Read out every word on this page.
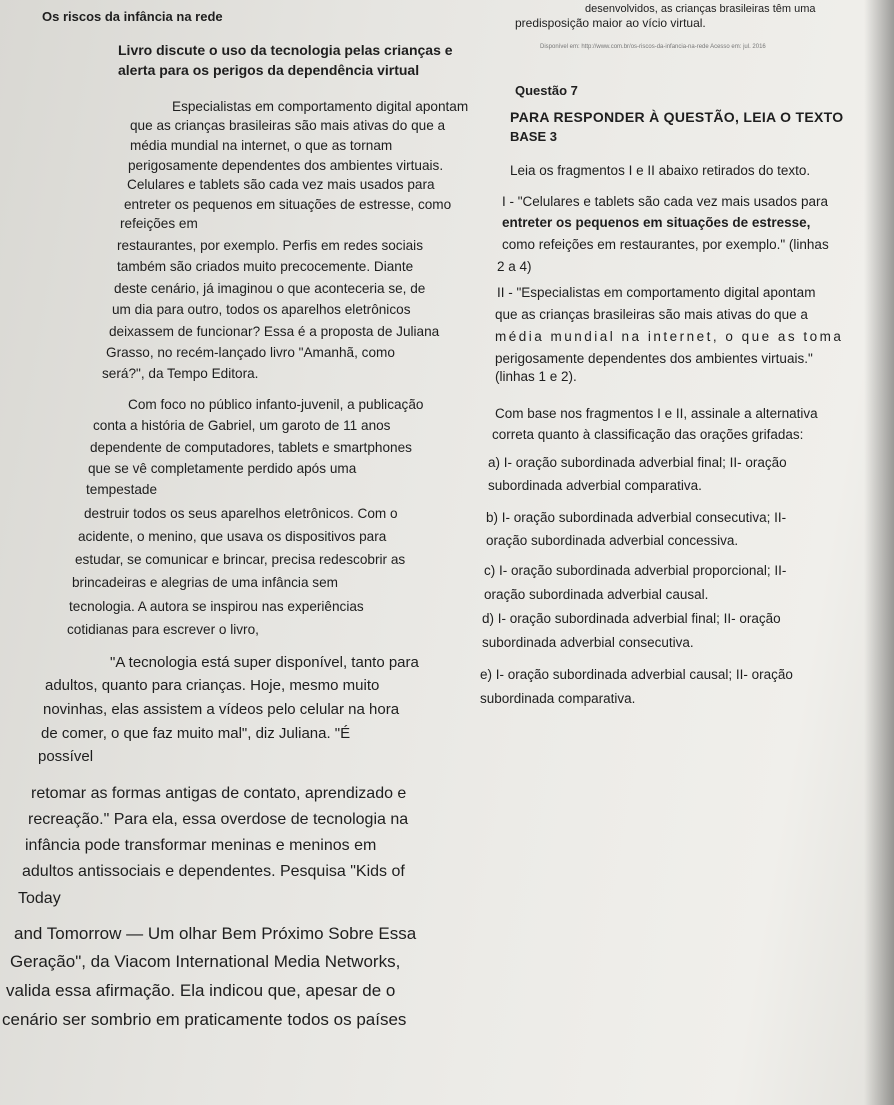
Os riscos da infância na rede
Livro discute o uso da tecnologia pelas crianças e
alerta para os perigos da dependência virtual
Especialistas em comportamento digital apontam
que as crianças brasileiras são mais ativas do que a
média mundial na internet, o que as tornam
perigosamente dependentes dos ambientes virtuais.
Celulares e tablets são cada vez mais usados para
entreter os pequenos em situações de estresse, como
refeições em
restaurantes, por exemplo. Perfis em redes sociais
também são criados muito precocemente. Diante
deste cenário, já imaginou o que aconteceria se, de
um dia para outro, todos os aparelhos eletrônicos
deixassem de funcionar? Essa é a proposta de Juliana
Grasso, no recém-lançado livro "Amanhã, como
será?", da Tempo Editora.
Com foco no público infanto-juvenil, a publicação
conta a história de Gabriel, um garoto de 11 anos
dependente de computadores, tablets e smartphones
que se vê completamente perdido após uma
tempestade
destruir todos os seus aparelhos eletrônicos. Com o
acidente, o menino, que usava os dispositivos para
estudar, se comunicar e brincar, precisa redescobrir as
brincadeiras e alegrias de uma infância sem
tecnologia. A autora se inspirou nas experiências
cotidianas para escrever o livro,
"A tecnologia está super disponível, tanto para
adultos, quanto para crianças. Hoje, mesmo muito
novinhas, elas assistem a vídeos pelo celular na hora
de comer, o que faz muito mal", diz Juliana. "É
possível
retomar as formas antigas de contato, aprendizado e
recreação." Para ela, essa overdose de tecnologia na
infância pode transformar meninas e meninos em
adultos antissociais e dependentes. Pesquisa "Kids of
Today
and Tomorrow — Um olhar Bem Próximo Sobre Essa
Geração", da Viacom International Media Networks,
valida essa afirmação. Ela indicou que, apesar de o
cenário ser sombrio em praticamente todos os países
desenvolvidos, as crianças brasileiras têm uma
predisposição maior ao vício virtual.
Disponível em: http://www.com.br/os-riscos-da-infancia-na-rede Acesso em: jul. 2016
Questão 7
PARA RESPONDER À QUESTÃO, LEIA O TEXTO
BASE 3
Leia os fragmentos I e II abaixo retirados do texto.
I - "Celulares e tablets são cada vez mais usados para
entreter os pequenos em situações de estresse,
como refeições em restaurantes, por exemplo." (linhas
2 a 4)
II - "Especialistas em comportamento digital apontam
que as crianças brasileiras são mais ativas do que a
média mundial na internet, o que as toma
perigosamente dependentes dos ambientes virtuais."
(linhas 1 e 2).
Com base nos fragmentos I e II, assinale a alternativa
correta quanto à classificação das orações grifadas:
a) I- oração subordinada adverbial final; II- oração
subordinada adverbial comparativa.
b) I- oração subordinada adverbial consecutiva; II-
oração subordinada adverbial concessiva.
c) I- oração subordinada adverbial proporcional; II-
oração subordinada adverbial causal.
d) I- oração subordinada adverbial final; II- oração
subordinada adverbial consecutiva.
e) I- oração subordinada adverbial causal; II- oração
subordinada comparativa.
